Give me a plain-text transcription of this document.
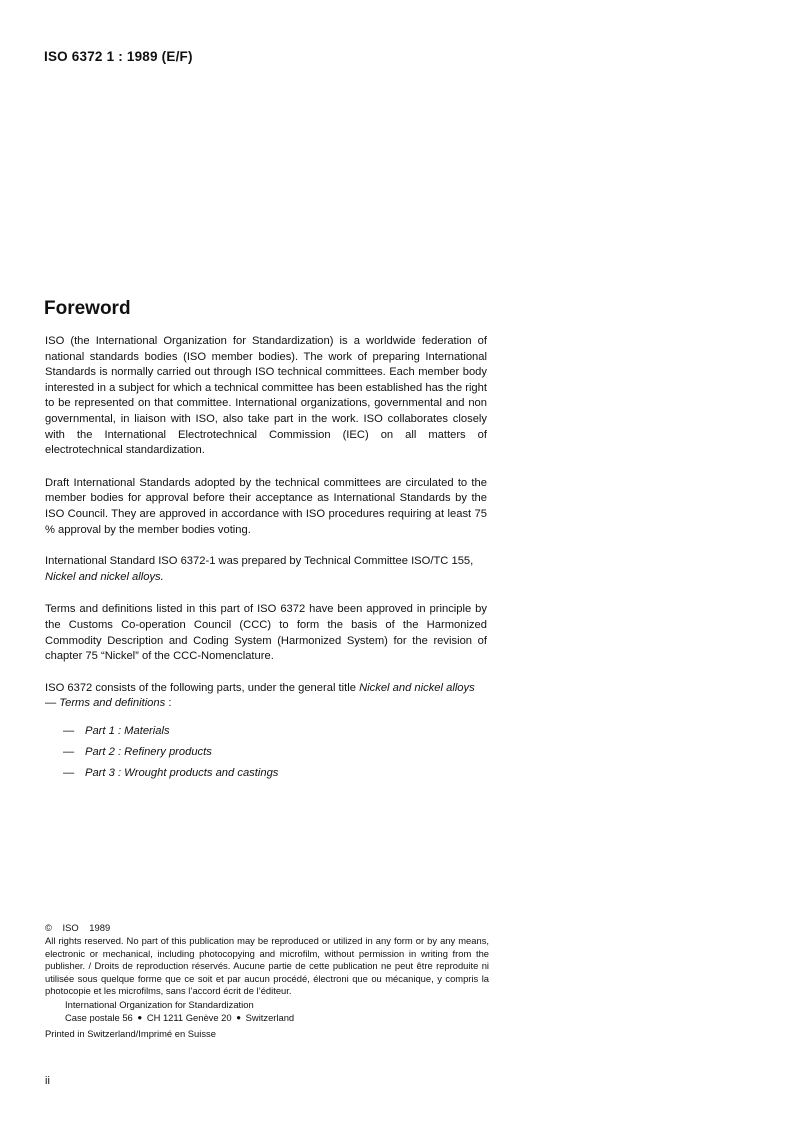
ISO 6372 1 : 1989 (E/F)
Foreword

ISO (the International Organization for Standardization) is a worldwide federation of national standards bodies (ISO member bodies). The work of preparing International Standards is normally carried out through ISO technical committees. Each member body interested in a subject for which a technical committee has been established has the right to be represented on that committee. International organizations, governmental and non governmental, in liaison with ISO, also take part in the work. ISO collaborates closely with the International Electrotechnical Commission (IEC) on all matters of electrotechnical standardization.

Draft International Standards adopted by the technical committees are circulated to the member bodies for approval before their acceptance as International Standards by the ISO Council. They are approved in accordance with ISO procedures requiring at least 75 % approval by the member bodies voting.

International Standard ISO 6372-1 was prepared by Technical Committee ISO/TC 155,
Nickel and nickel alloys.

Terms and definitions listed in this part of ISO 6372 have been approved in principle by the Customs Co-operation Council (CCC) to form the basis of the Harmonized Commodity Description and Coding System (Harmonized System) for the revision of chapter 75 “Nickel” of the CCC-Nomenclature.

ISO 6372 consists of the following parts, under the general title Nickel and nickel alloys — Terms and definitions :

— Part 1 : Materials
— Part 2 : Refinery products
— Part 3 : Wrought products and castings

© ISO 1989

All rights reserved. No part of this publication may be reproduced or utilized in any form or by any means, electronic or mechanical, including photocopying and microfilm, without permission in writing from the publisher. / Droits de reproduction réservés. Aucune partie de cette publication ne peut être reproduite ni utilisée sous quelque forme que ce soit et par aucun procédé, électroni que ou mécanique, y compris la photocopie et les microfilms, sans l’accord écrit de l’éditeur.

International Organization for Standardization
Case postale 56 ● CH 1211 Genève 20 ● Switzerland
Printed in Switzerland/Imprimé en Suisse
ii
